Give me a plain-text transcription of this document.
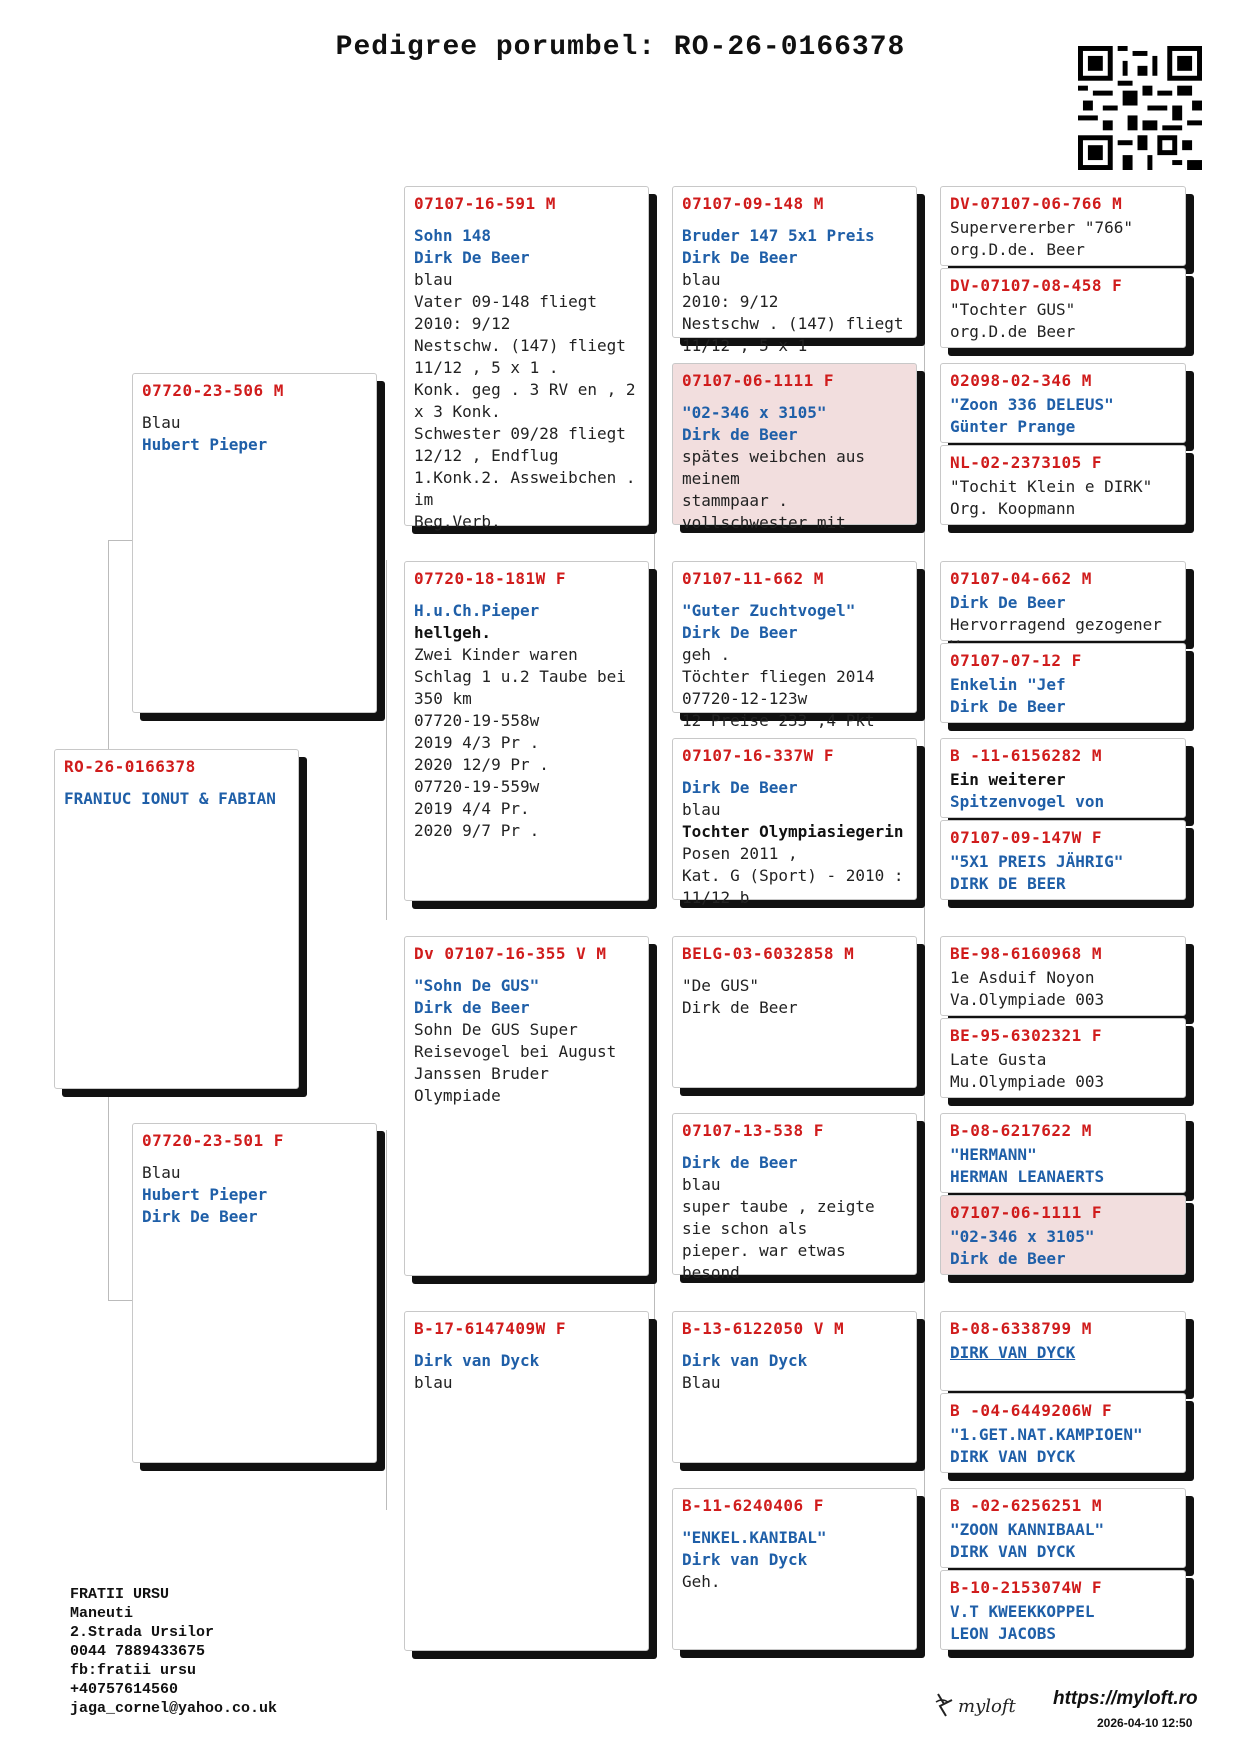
Pedigree porumbel: RO-26-0166378
RO-26-0166378
FRANIUC IONUT & FABIAN
07720-23-506 M
Blau
Hubert Pieper
07720-23-501 F
Blau
Hubert Pieper
Dirk De Beer
07107-16-591 M
Sohn 148
Dirk De Beer
blau
Vater 09-148 fliegt 2010: 9/12
Nestschw. (147) fliegt 11/12 , 5 x 1 .
Konk. geg . 3 RV en , 2 x 3 Konk.
Schwester 09/28 fliegt 12/12 , Endflug
1.Konk.2. Assweibchen . im
Beg.Verb.
07720-18-181W F
H.u.Ch.Pieper
hellgeh.
Zwei Kinder waren Schlag 1 u.2 Taube bei 350 km
07720-19-558w
2019 4/3 Pr .
2020 12/9 Pr .
07720-19-559w
2019 4/4 Pr.
2020 9/7 Pr .
Dv 07107-16-355 V M
"Sohn De GUS"
Dirk de Beer
Sohn De GUS Super Reisevogel bei August Janssen Bruder Olympiade
B-17-6147409W F
Dirk van Dyck
blau
07107-09-148 M
Bruder 147 5x1 Preis
Dirk De Beer
blau
2010: 9/12
Nestschw . (147) fliegt 11/12 , 5 x 1
07107-06-1111 F
"02-346 x 3105"
Dirk de Beer
spätes weibchen aus meinem
stammpaar .
vollschwester mit
07107-11-662 M
"Guter Zuchtvogel"
Dirk De Beer
geh .
Töchter fliegen 2014
07720-12-123w
12 Preise 233 ,4 Pkt
07107-16-337W F
Dirk De Beer
blau
Tochter Olympiasiegerin
Posen 2011 ,
Kat. G (Sport) - 2010 :
11/12 b
BELG-03-6032858 M
"De GUS"
Dirk de Beer
07107-13-538 F
Dirk de Beer
blau
super taube , zeigte sie schon als
pieper. war etwas besond
B-13-6122050 V M
Dirk van Dyck
Blau
B-11-6240406 F
"ENKEL.KANIBAL"
Dirk van Dyck
Geh.
DV-07107-06-766 M
Supervererber "766"
org.D.de. Beer
DV-07107-08-458 F
"Tochter GUS"
org.D.de Beer
02098-02-346 M
"Zoon 336 DELEUS"
Günter Prange
NL-02-2373105 F
"Tochit Klein e DIRK"
Org. Koopmann
07107-04-662 M
Dirk De Beer
Hervorragend gezogener
07107-07-12 F
Enkelin "Jef
Dirk De Beer
B -11-6156282 M
Ein weiterer
Spitzenvogel von
07107-09-147W F
"5X1 PREIS JÄHRIG"
DIRK DE BEER
BE-98-6160968 M
1e Asduif Noyon
Va.Olympiade 003
BE-95-6302321 F
Late Gusta
Mu.Olympiade 003
B-08-6217622 M
"HERMANN"
HERMAN LEANAERTS
07107-06-1111 F
"02-346 x 3105"
Dirk de Beer
B-08-6338799 M
DIRK VAN DYCK
B -04-6449206W F
"1.GET.NAT.KAMPIOEN"
DIRK VAN DYCK
B -02-6256251 M
"ZOON KANNIBAAL"
DIRK VAN DYCK
B-10-2153074W F
V.T KWEEKKOPPEL
LEON JACOBS
FRATII URSU
Maneuti
2.Strada Ursilor
0044 7889433675
fb:fratii ursu
+40757614560
jaga_cornel@yahoo.co.uk	myloft https://myloft.ro
2026-04-10 12:50
